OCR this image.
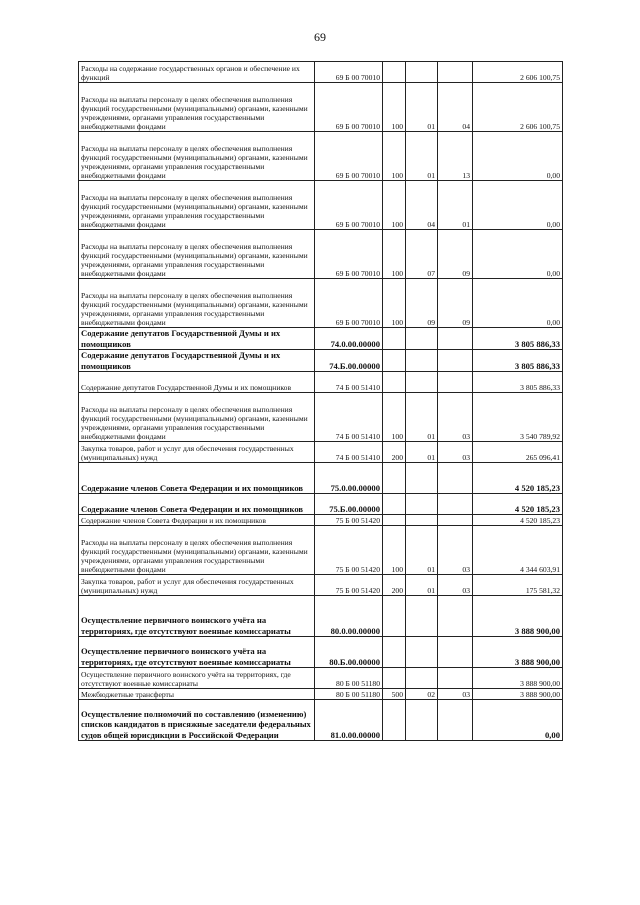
69
Расходы на содержание государственных органов и обеспечение их функций	69 Б 00 70010				2 606 100,75
Расходы на выплаты персоналу в целях обеспечения выполнения функций государственными (муниципальными) органами, казенными учреждениями, органами управления государственными внебюджетными фондами	69 Б 00 70010	100	01	04	2 606 100,75
Расходы на выплаты персоналу в целях обеспечения выполнения функций государственными (муниципальными) органами, казенными учреждениями, органами управления государственными внебюджетными фондами	69 Б 00 70010	100	01	13	0,00
Расходы на выплаты персоналу в целях обеспечения выполнения функций государственными (муниципальными) органами, казенными учреждениями, органами управления государственными внебюджетными фондами	69 Б 00 70010	100	04	01	0,00
Расходы на выплаты персоналу в целях обеспечения выполнения функций государственными (муниципальными) органами, казенными учреждениями, органами управления государственными внебюджетными фондами	69 Б 00 70010	100	07	09	0,00
Расходы на выплаты персоналу в целях обеспечения выполнения функций государственными (муниципальными) органами, казенными учреждениями, органами управления государственными внебюджетными фондами	69 Б 00 70010	100	09	09	0,00
Содержание депутатов Государственной Думы и их помощников	74.0.00.00000				3 805 886,33
Содержание депутатов Государственной Думы и их помощников	74.Б.00.00000				3 805 886,33
Содержание депутатов Государственной Думы и их помощников	74 Б 00 51410				3 805 886,33
Расходы на выплаты персоналу в целях обеспечения выполнения функций государственными (муниципальными) органами, казенными учреждениями, органами управления государственными внебюджетными фондами	74 Б 00 51410	100	01	03	3 540 789,92
Закупка товаров, работ и услуг для обеспечения государственных (муниципальных) нужд	74 Б 00 51410	200	01	03	265 096,41
Содержание членов Совета Федерации и их помощников	75.0.00.00000				4 520 185,23
Содержание членов Совета Федерации и их помощников	75.Б.00.00000				4 520 185,23
Содержание членов Совета Федерации и их помощников	75 Б 00 51420				4 520 185,23
Расходы на выплаты персоналу в целях обеспечения выполнения функций государственными (муниципальными) органами, казенными учреждениями, органами управления государственными внебюджетными фондами	75 Б 00 51420	100	01	03	4 344 603,91
Закупка товаров, работ и услуг для обеспечения государственных (муниципальных) нужд	75 Б 00 51420	200	01	03	175 581,32
Осуществление первичного воинского учёта на территориях, где отсутствуют военные комиссариаты	80.0.00.00000				3 888 900,00
Осуществление первичного воинского учёта на территориях, где отсутствуют военные комиссариаты	80.Б.00.00000				3 888 900,00
Осуществление первичного воинского учёта на территориях, где отсутствуют военные комиссариаты	80 Б 00 51180				3 888 900,00
Межбюджетные трансферты	80 Б 00 51180	500	02	03	3 888 900,00
Осуществление полномочий по составлению (изменению) списков кандидатов в присяжные заседатели федеральных судов общей юрисдикции в Российской Федерации	81.0.00.00000				0,00
